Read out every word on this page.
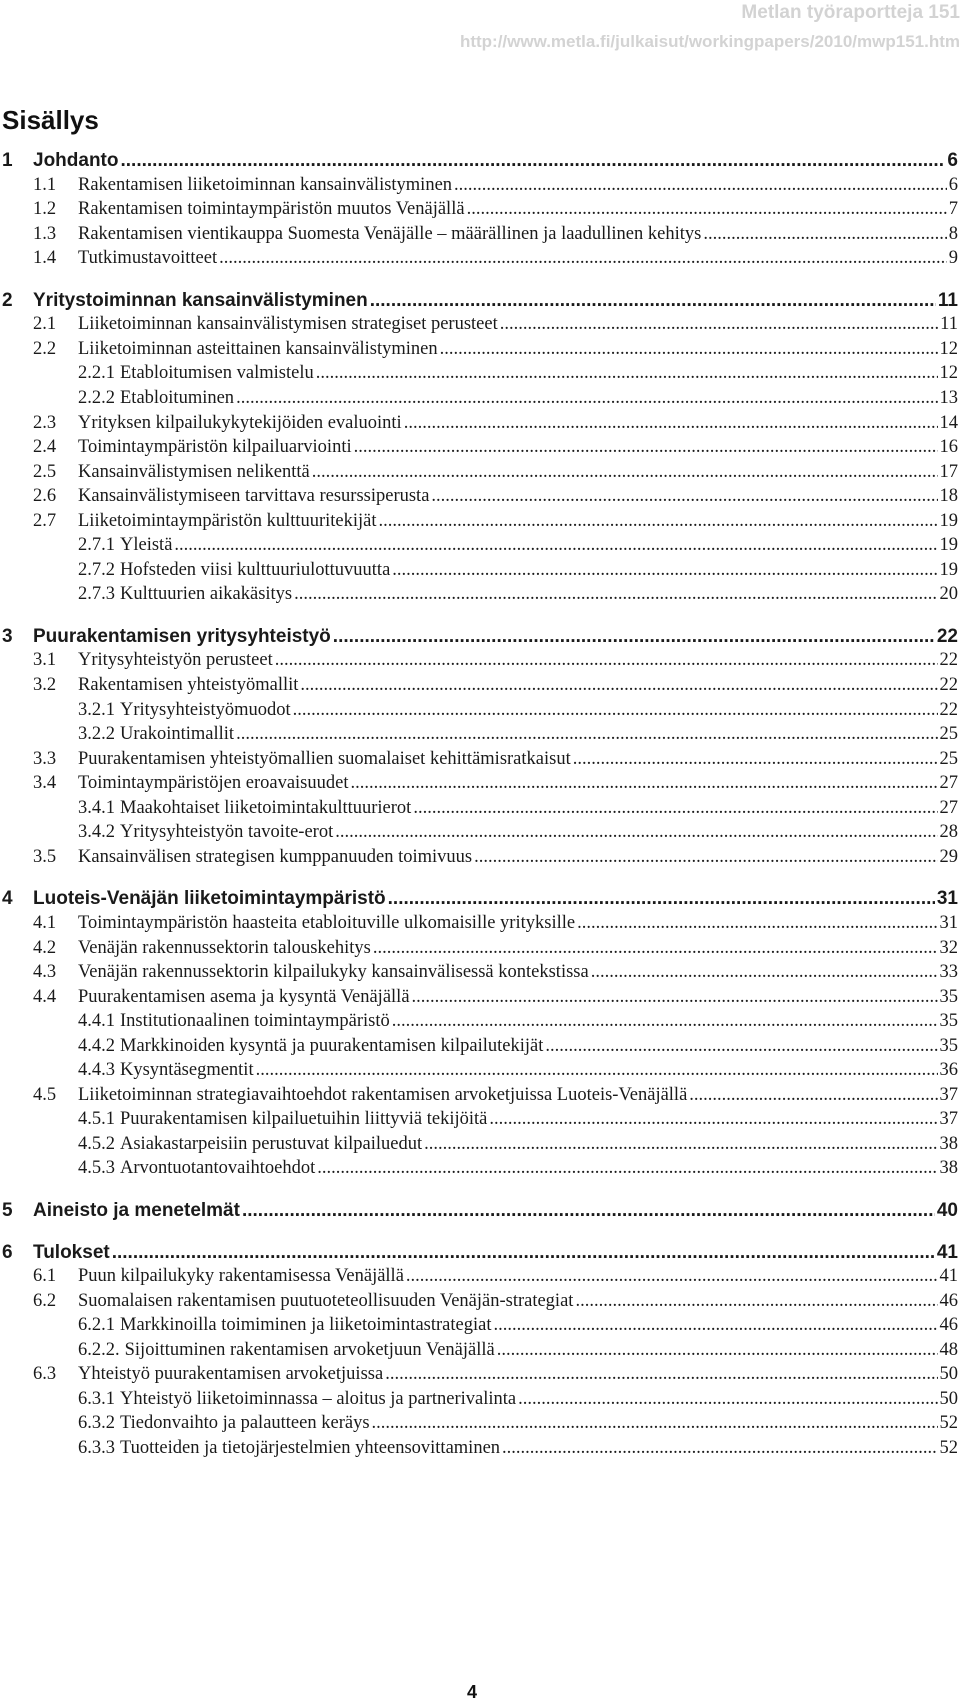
Metlan työraportteja 151
http://www.metla.fi/julkaisut/workingpapers/2010/mwp151.htm
Sisällys
1	Johdanto .....	6
1.1	Rakentamisen liiketoiminnan kansainvälistyminen .....	6
1.2	Rakentamisen toimintaympäristön muutos Venäjällä .....	7
1.3	Rakentamisen vientikauppa Suomesta Venäjälle – määrällinen ja laadullinen kehitys .....	8
1.4	Tutkimustavoitteet .....	9
2	Yritystoiminnan kansainvälistyminen .....	11
2.1	Liiketoiminnan kansainvälistymisen strategiset perusteet .....	11
2.2	Liiketoiminnan asteittainen kansainvälistyminen .....	12
2.2.1 Etabloitumisen valmistelu .....	12
2.2.2 Etabloituminen .....	13
2.3	Yrityksen kilpailukykytekijöiden evaluointi .....	14
2.4	Toimintaympäristön kilpailuarviointi .....	16
2.5	Kansainvälistymisen nelikenttä .....	17
2.6	Kansainvälistymiseen tarvittava resurssiperusta .....	18
2.7	Liiketoimintaympäristön kulttuuritekijät .....	19
2.7.1 Yleistä .....	19
2.7.2 Hofsteden viisi kulttuuriulottuvuutta .....	19
2.7.3 Kulttuurien aikakäsitys .....	20
3	Puurakentamisen yritysyhteistyö .....	22
3.1	Yritysyhteistyön perusteet .....	22
3.2	Rakentamisen yhteistyömallit .....	22
3.2.1 Yritysyhteistyömuodot .....	22
3.2.2 Urakointimallit .....	25
3.3	Puurakentamisen yhteistyömallien suomalaiset kehittämisratkaisut .....	25
3.4	Toimintaympäristöjen eroavaisuudet .....	27
3.4.1 Maakohtaiset liiketoimintakulttuurierot .....	27
3.4.2 Yritysyhteistyön tavoite-erot .....	28
3.5	Kansainvälisen strategisen kumppanuuden toimivuus .....	29
4	Luoteis-Venäjän liiketoimintaympäristö .....	31
4.1	Toimintaympäristön haasteita etabloituville ulkomaisille yrityksille .....	31
4.2	Venäjän rakennussektorin talouskehitys .....	32
4.3	Venäjän rakennussektorin kilpailukyky kansainvälisessä kontekstissa .....	33
4.4	Puurakentamisen asema ja kysyntä Venäjällä .....	35
4.4.1 Institutionaalinen toimintaympäristö .....	35
4.4.2 Markkinoiden kysyntä ja puurakentamisen kilpailutekijät .....	35
4.4.3 Kysyntäsegmentit .....	36
4.5	Liiketoiminnan strategiavaihtoehdot rakentamisen arvoketjuissa Luoteis-Venäjällä .....	37
4.5.1 Puurakentamisen kilpailuetuihin liittyviä tekijöitä .....	37
4.5.2 Asiakastarpeisiin perustuvat kilpailuedut .....	38
4.5.3 Arvontuotantovaihtoehdot .....	38
5	Aineisto ja menetelmät .....	40
6	Tulokset .....	41
6.1	Puun kilpailukyky rakentamisessa Venäjällä .....	41
6.2	Suomalaisen rakentamisen puutuoteteollisuuden Venäjän-strategiat .....	46
6.2.1 Markkinoilla toimiminen ja liiketoimintastrategiat .....	46
6.2.2. Sijoittuminen rakentamisen arvoketjuun Venäjällä .....	48
6.3	Yhteistyö puurakentamisen arvoketjuissa .....	50
6.3.1 Yhteistyö liiketoiminnassa – aloitus ja partnerivalinta .....	50
6.3.2 Tiedonvaihto ja palautteen keräys .....	52
6.3.3 Tuotteiden ja tietojärjestelmien yhteensovittaminen .....	52
4
